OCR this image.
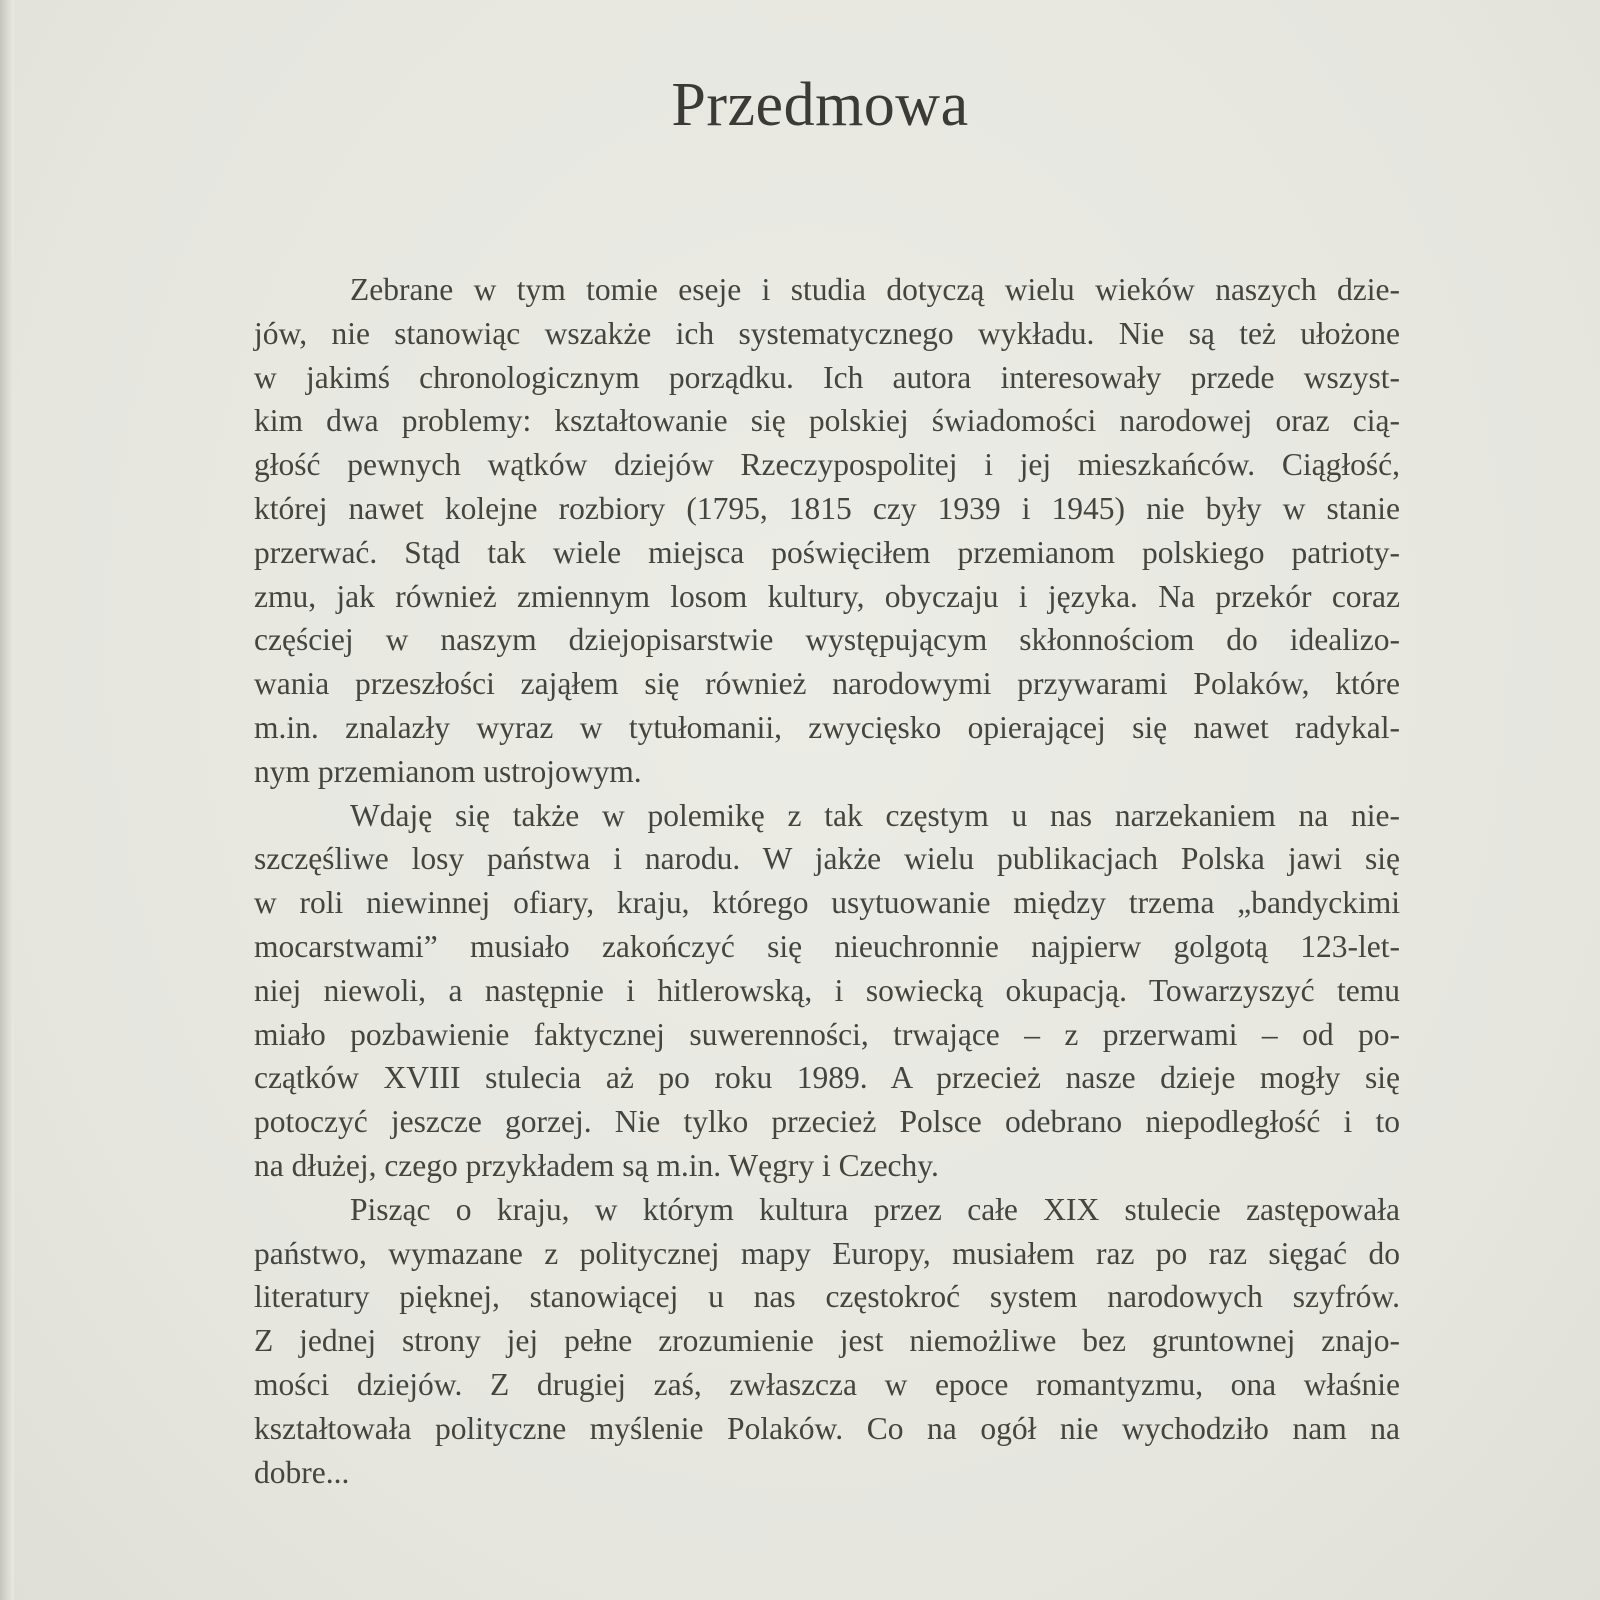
Przedmowa
Zebrane w tym tomie eseje i studia dotyczą wielu wieków naszych dzie-
jów, nie stanowiąc wszakże ich systematycznego wykładu. Nie są też ułożone
w jakimś chronologicznym porządku. Ich autora interesowały przede wszyst-
kim dwa problemy: kształtowanie się polskiej świadomości narodowej oraz cią-
głość pewnych wątków dziejów Rzeczypospolitej i jej mieszkańców. Ciągłość,
której nawet kolejne rozbiory (1795, 1815 czy 1939 i 1945) nie były w stanie
przerwać. Stąd tak wiele miejsca poświęciłem przemianom polskiego patrioty-
zmu, jak również zmiennym losom kultury, obyczaju i języka. Na przekór coraz
częściej w naszym dziejopisarstwie występującym skłonnościom do idealizo-
wania przeszłości zająłem się również narodowymi przywarami Polaków, które
m.in. znalazły wyraz w tytułomanii, zwycięsko opierającej się nawet radykal-
nym przemianom ustrojowym.
Wdaję się także w polemikę z tak częstym u nas narzekaniem na nie-
szczęśliwe losy państwa i narodu. W jakże wielu publikacjach Polska jawi się
w roli niewinnej ofiary, kraju, którego usytuowanie między trzema „bandyckimi
mocarstwami” musiało zakończyć się nieuchronnie najpierw golgotą 123-let-
niej niewoli, a następnie i hitlerowską, i sowiecką okupacją. Towarzyszyć temu
miało pozbawienie faktycznej suwerenności, trwające – z przerwami – od po-
czątków XVIII stulecia aż po roku 1989. A przecież nasze dzieje mogły się
potoczyć jeszcze gorzej. Nie tylko przecież Polsce odebrano niepodległość i to
na dłużej, czego przykładem są m.in. Węgry i Czechy.
Pisząc o kraju, w którym kultura przez całe XIX stulecie zastępowała
państwo, wymazane z politycznej mapy Europy, musiałem raz po raz sięgać do
literatury pięknej, stanowiącej u nas częstokroć system narodowych szyfrów.
Z jednej strony jej pełne zrozumienie jest niemożliwe bez gruntownej znajo-
mości dziejów. Z drugiej zaś, zwłaszcza w epoce romantyzmu, ona właśnie
kształtowała polityczne myślenie Polaków. Co na ogół nie wychodziło nam na
dobre...
